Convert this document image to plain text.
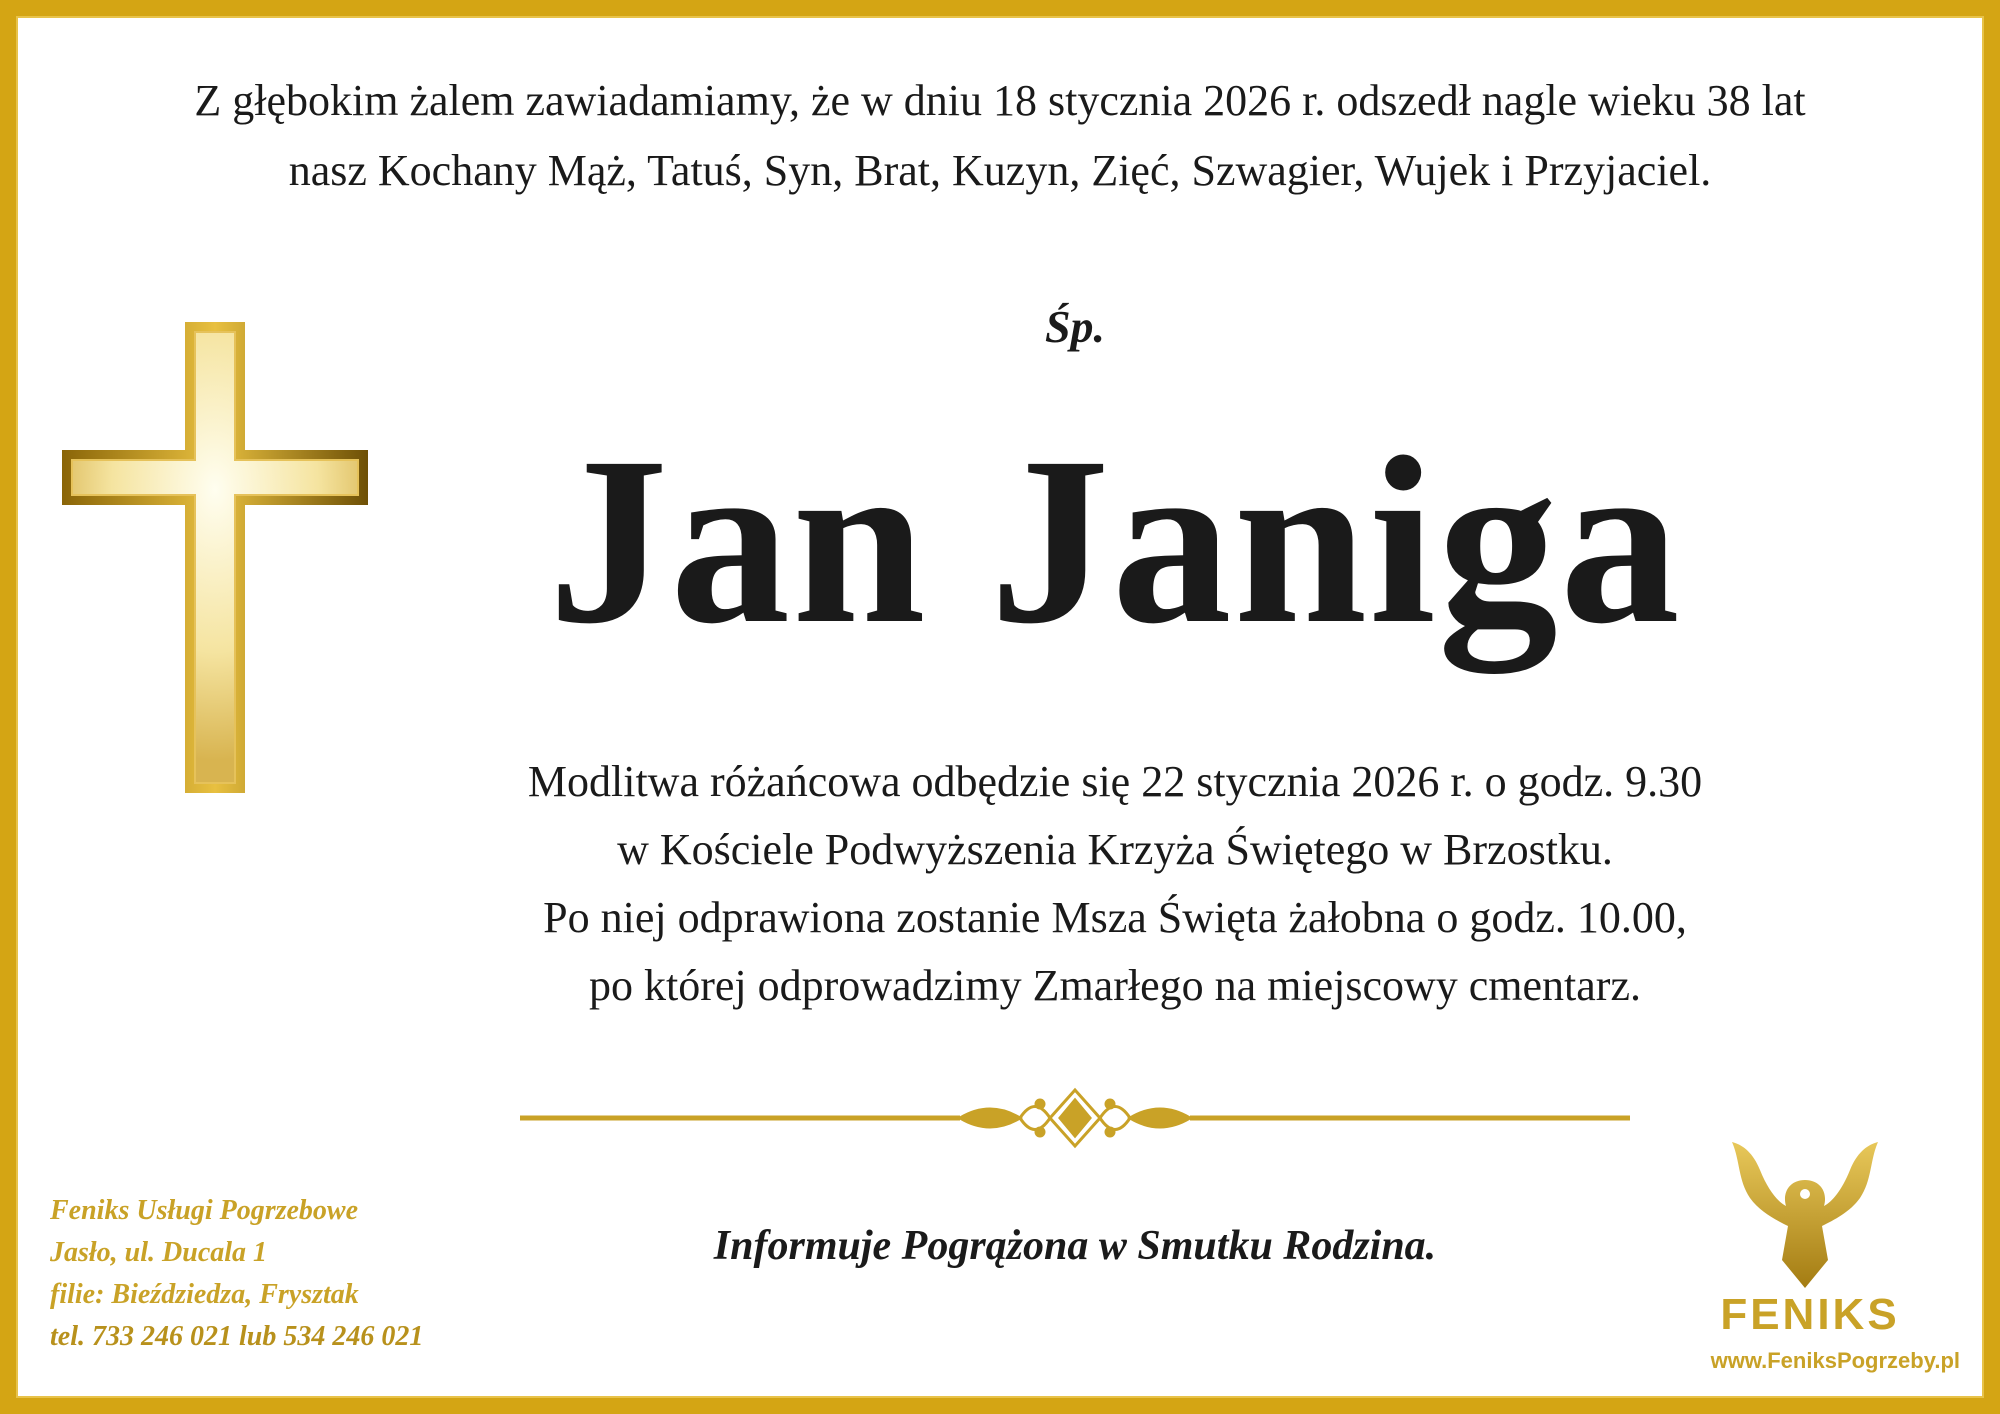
Z głębokim żalem zawiadamiamy, że w dniu 18 stycznia 2026 r. odszedł nagle wieku 38 lat
nasz Kochany Mąż, Tatuś, Syn, Brat, Kuzyn, Zięć, Szwagier, Wujek i Przyjaciel.
Śp.
Jan Janiga
Modlitwa różańcowa odbędzie się 22 stycznia 2026 r. o godz. 9.30
w Kościele Podwyższenia Krzyża Świętego w Brzostku.
Po niej odprawiona zostanie Msza Święta żałobna o godz. 10.00,
po której odprowadzimy Zmarłego na miejscowy cmentarz.
Informuje Pogrążona w Smutku Rodzina.
Feniks Usługi Pogrzebowe
Jasło, ul. Ducala 1
filie: Bieździedza, Frysztak
tel. 733 246 021 lub 534 246 021	FENIKS
www.FeniksPogrzeby.pl
